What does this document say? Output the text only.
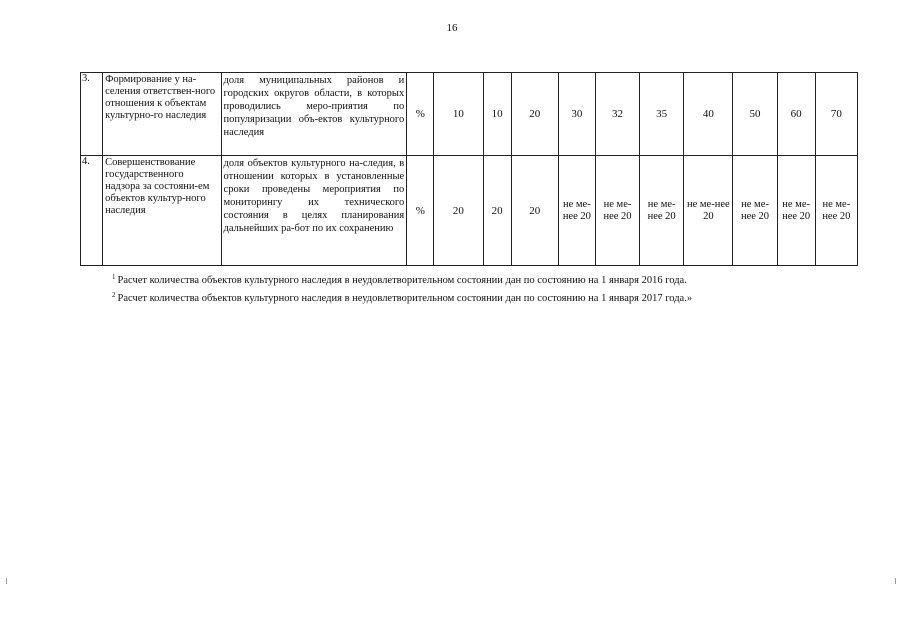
16
3.	Формирование у на-селения ответствен-ного отношения к объектам культурно-го наследия	доля муниципальных районов и городских округов области, в которых проводились меро-приятия по популяризации объ-ектов культурного наследия	%	10	10	20	30	32	35	40	50	60	70
4.	Совершенствование государственного надзора за состояни-ем объектов культур-ного наследия	доля объектов культурного на-следия, в отношении которых в установленные сроки проведены мероприятия по мониторингу их технического состояния в целях планирования дальнейших ра-бот по их сохранению	%	20	20	20	не ме-нее 20	не ме-нее 20	не ме-нее 20	не ме-нее 20	не ме-нее 20	не ме-нее 20	не ме-нее 20
$^1$ Расчет количества объектов культурного наследия в неудовлетворительном состоянии дан по состоянию на 1 января 2016 года.
$^2$ Расчет количества объектов культурного наследия в неудовлетворительном состоянии дан по состоянию на 1 января 2017 года.»
